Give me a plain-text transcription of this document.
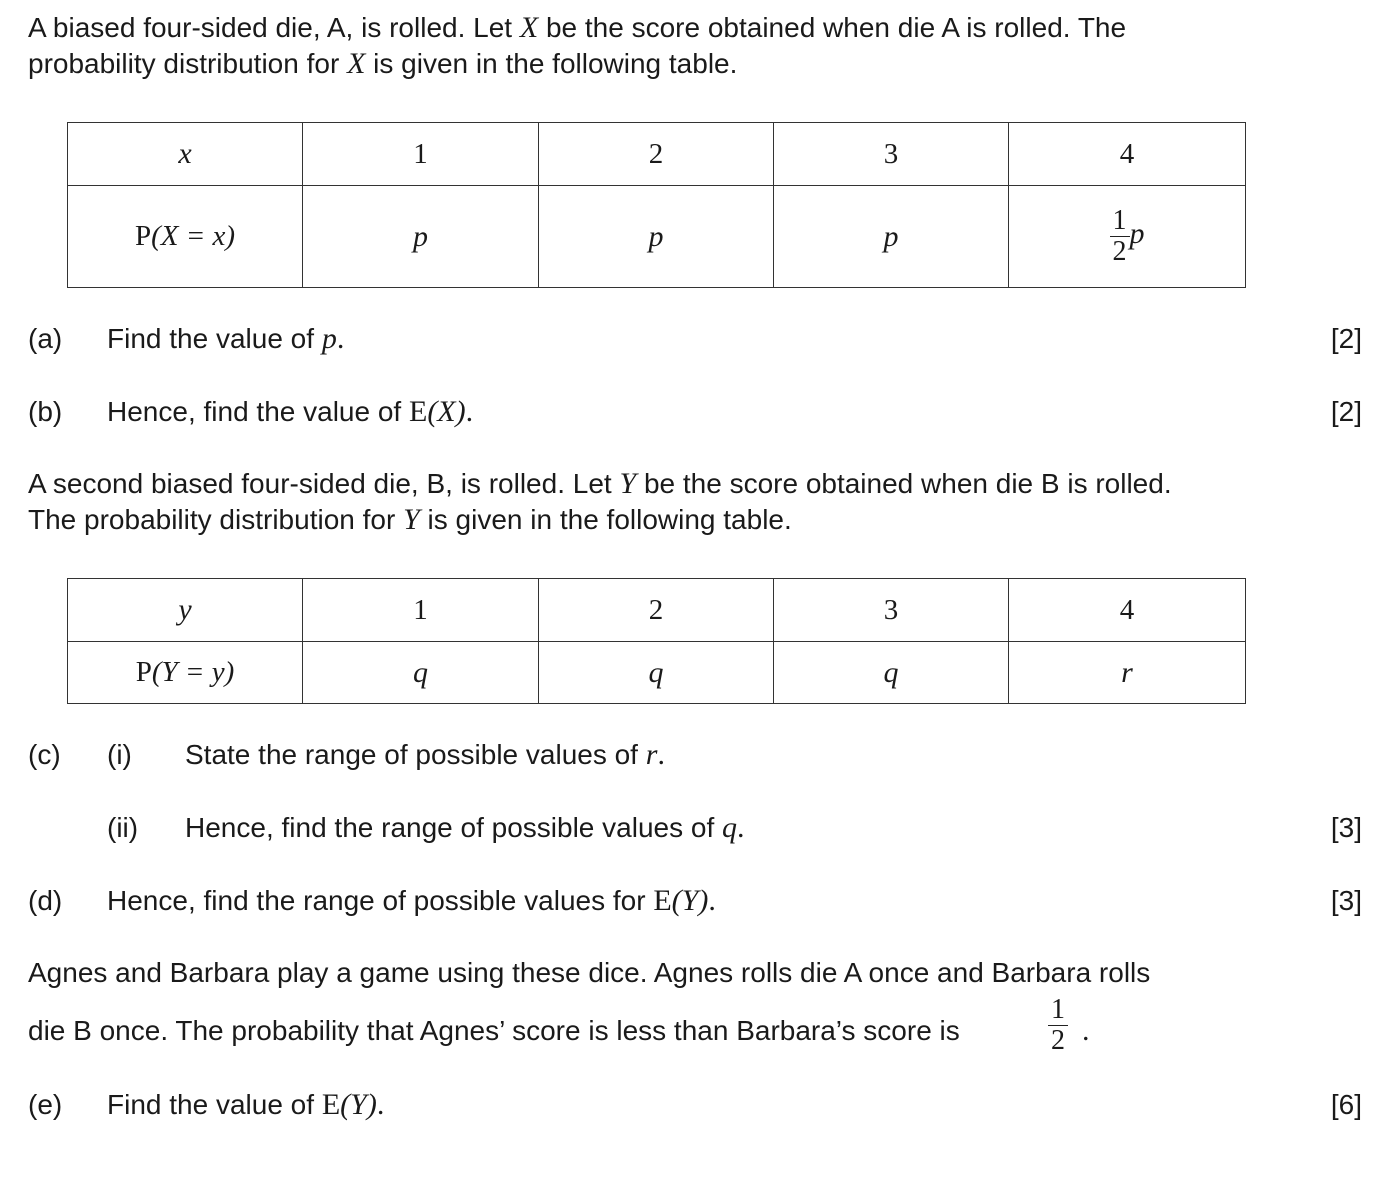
A biased four-sided die, A, is rolled. Let X be the score obtained when die A is rolled. The
probability distribution for X is given in the following table.
x	1	2	3	4
P(X = x)	p	p	p	$\frac{1}{2}$ p
(a) Find the value of p.	[2]
(b) Hence, find the value of E(X).	[2]
A second biased four-sided die, B, is rolled. Let Y be the score obtained when die B is rolled.
The probability distribution for Y is given in the following table.
y	1	2	3	4
P(Y = y)	q	q	q	r
(c) (i) State the range of possible values of r.
(ii) Hence, find the range of possible values of q.	[3]
(d) Hence, find the range of possible values for E(Y).	[3]
Agnes and Barbara play a game using these dice. Agnes rolls die A once and Barbara rolls
die B once. The probability that Agnes’ score is less than Barbara’s score is	$\frac{1}{2}$ .
(e) Find the value of E(Y).	[6]
